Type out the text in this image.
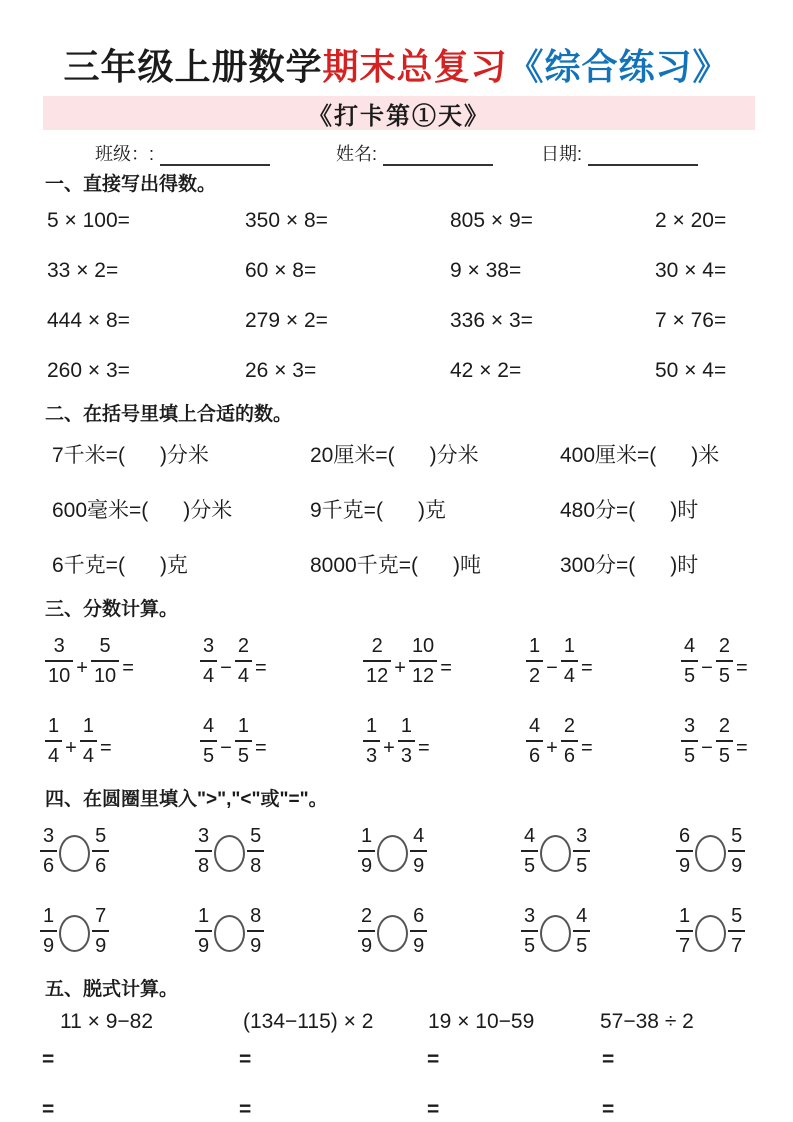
三年级上册数学期末总复习《综合练习》
《打卡第①天》
班级：:	姓名:	日期:
一、直接写出得数。
5 × 100=	350 × 8=	805 × 9=	2 × 20=
33 × 2=	60 × 8=	9 × 38=	30 × 4=
444 × 8=	279 × 2=	336 × 3=	7 × 76=
260 × 3=	26 × 3=	42 × 2=	50 × 4=
二、在括号里填上合适的数。
7千米=(      )分米	20厘米=(      )分米	400厘米=(      )米
600毫米=(      )分米	9千克=(      )克	480分=(      )时
6千克=(      )克	8000千克=(      )吨	300分=(      )时
三、分数计算。
$\frac{3}{10} + \frac{5}{10}$ =	$\frac{3}{4} - \frac{2}{4}$ =	$\frac{2}{12} + \frac{10}{12}$ =	$\frac{1}{2} - \frac{1}{4}$ =	$\frac{4}{5} - \frac{2}{5}$ =
$\frac{1}{4} + \frac{1}{4}$ =	$\frac{4}{5} - \frac{1}{5}$ =	$\frac{1}{3} + \frac{1}{3}$ =	$\frac{4}{6} + \frac{2}{6}$ =	$\frac{3}{5} - \frac{2}{5}$ =
四、在圆圈里填入">","<"或"="。
$\frac{3}{6} \frac{5}{6}$	$\frac{3}{8} \frac{5}{8}$	$\frac{1}{9} \frac{4}{9}$	$\frac{4}{5} \frac{3}{5}$	$\frac{6}{9} \frac{5}{9}$
$\frac{1}{9} \frac{7}{9}$	$\frac{1}{9} \frac{8}{9}$	$\frac{2}{9} \frac{6}{9}$	$\frac{3}{5} \frac{4}{5}$	$\frac{1}{7} \frac{5}{7}$
五、脱式计算。
11 × 9−82	(134−115) × 2	19 × 10−59	57−38 ÷ 2
=	=	=	=
=	=	=	=
